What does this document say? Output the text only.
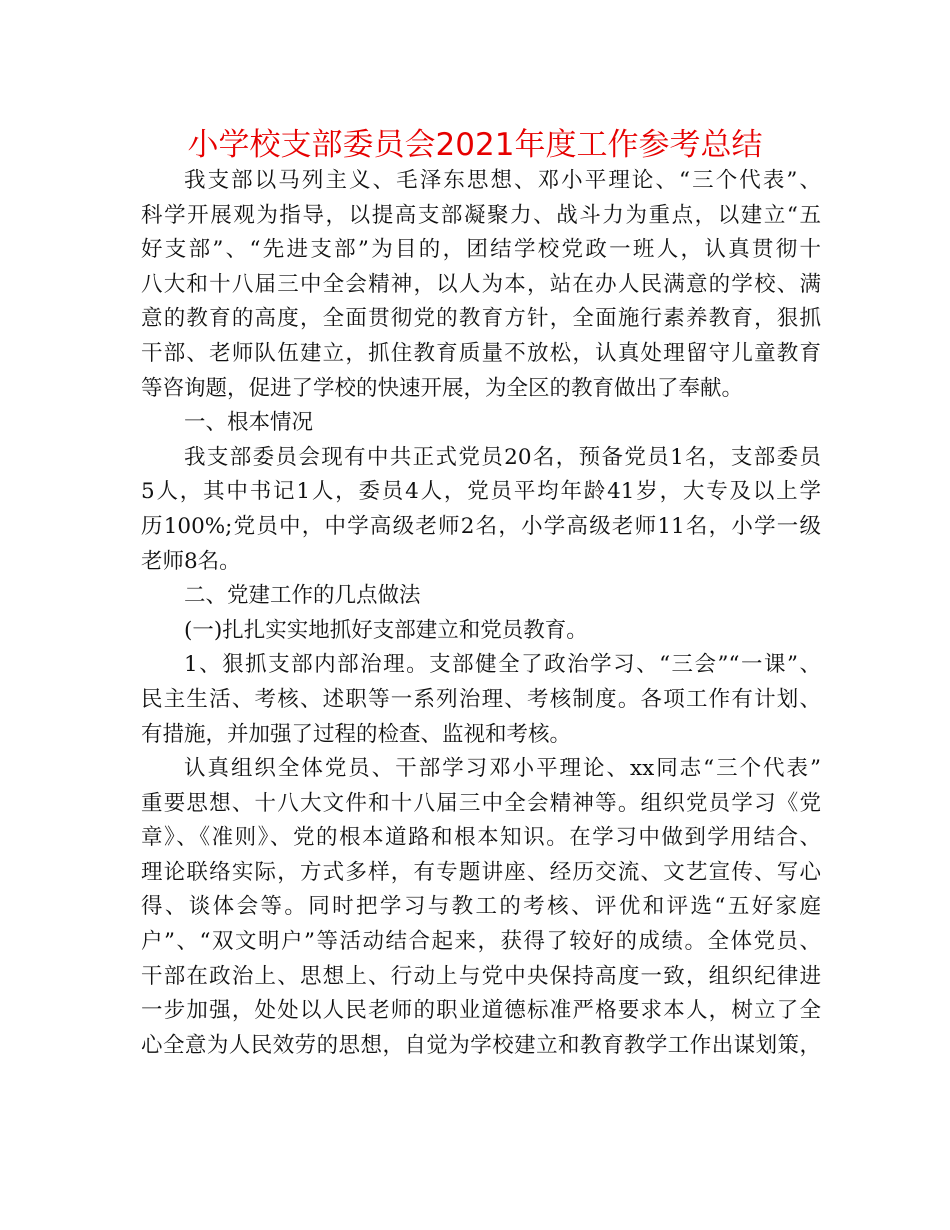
小学校支部委员会2021年度工作参考总结
我支部以马列主义、毛泽东思想、邓小平理论、“三个代表”、
科学开展观为指导，以提高支部凝聚力、战斗力为重点，以建立“五
好支部”、“先进支部”为目的，团结学校党政一班人，认真贯彻十
八大和十八届三中全会精神，以人为本，站在办人民满意的学校、满
意的教育的高度，全面贯彻党的教育方针，全面施行素养教育，狠抓
干部、老师队伍建立，抓住教育质量不放松，认真处理留守儿童教育
等咨询题，促进了学校的快速开展，为全区的教育做出了奉献。
一、根本情况
我支部委员会现有中共正式党员20名，预备党员1名，支部委员
5人，其中书记1人，委员4人，党员平均年龄41岁，大专及以上学
历100%;党员中，中学高级老师2名，小学高级老师11名，小学一级
老师8名。
二、党建工作的几点做法
(一)扎扎实实地抓好支部建立和党员教育。
1、狠抓支部内部治理。支部健全了政治学习、“三会”“一课”、
民主生活、考核、述职等一系列治理、考核制度。各项工作有计划、
有措施，并加强了过程的检查、监视和考核。
认真组织全体党员、干部学习邓小平理论、xx同志“三个代表”
重要思想、十八大文件和十八届三中全会精神等。组织党员学习《党
章》、《准则》、党的根本道路和根本知识。在学习中做到学用结合、
理论联络实际，方式多样，有专题讲座、经历交流、文艺宣传、写心
得、谈体会等。同时把学习与教工的考核、评优和评选“五好家庭
户”、“双文明户”等活动结合起来，获得了较好的成绩。全体党员、
干部在政治上、思想上、行动上与党中央保持高度一致，组织纪律进
一步加强，处处以人民老师的职业道德标准严格要求本人，树立了全
心全意为人民效劳的思想，自觉为学校建立和教育教学工作出谋划策，
